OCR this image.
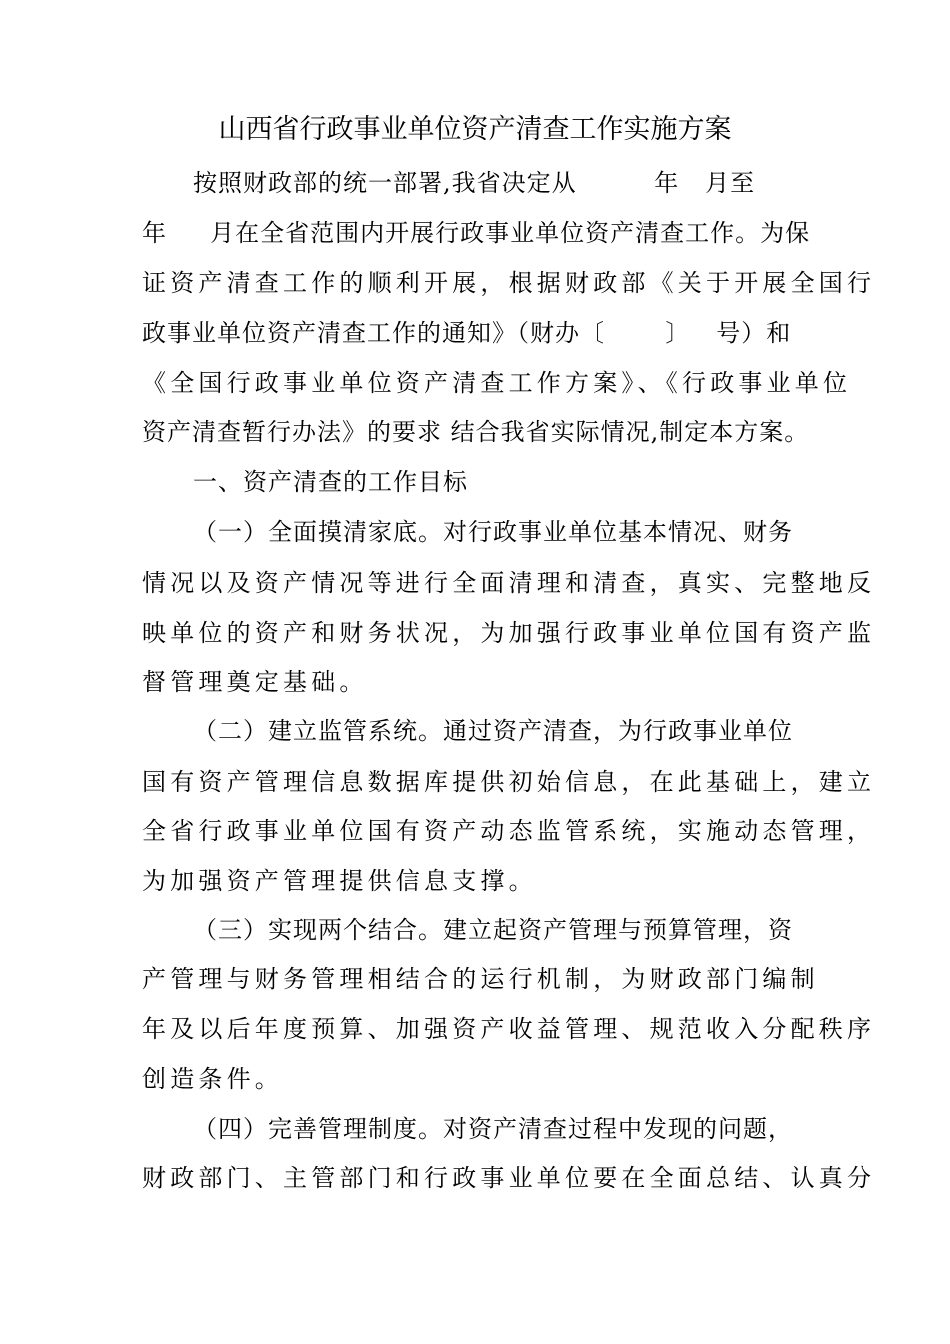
山西省行政事业单位资产清查工作实施方案
按照财政部的统一部署,我省决定从         年   月至
年     月在全省范围内开展行政事业单位资产清查工作。为保
证资产清查工作的顺利开展，根据财政部《关于开展全国行
政事业单位资产清查工作的通知》（财办〔       〕   号）和
《全国行政事业单位资产清查工作方案》、《行政事业单位
资产清查暂行办法》的要求 结合我省实际情况,制定本方案。
一、资产清查的工作目标
（一）全面摸清家底。对行政事业单位基本情况、财务
情况以及资产情况等进行全面清理和清查，真实、完整地反
映单位的资产和财务状况，为加强行政事业单位国有资产监
督管理奠定基础。
（二）建立监管系统。通过资产清查，为行政事业单位
国有资产管理信息数据库提供初始信息，在此基础上，建立
全省行政事业单位国有资产动态监管系统，实施动态管理，
为加强资产管理提供信息支撑。
（三）实现两个结合。建立起资产管理与预算管理，资
产管理与财务管理相结合的运行机制，为财政部门编制
年及以后年度预算、加强资产收益管理、规范收入分配秩序
创造条件。
（四）完善管理制度。对资产清查过程中发现的问题，
财政部门、主管部门和行政事业单位要在全面总结、认真分
